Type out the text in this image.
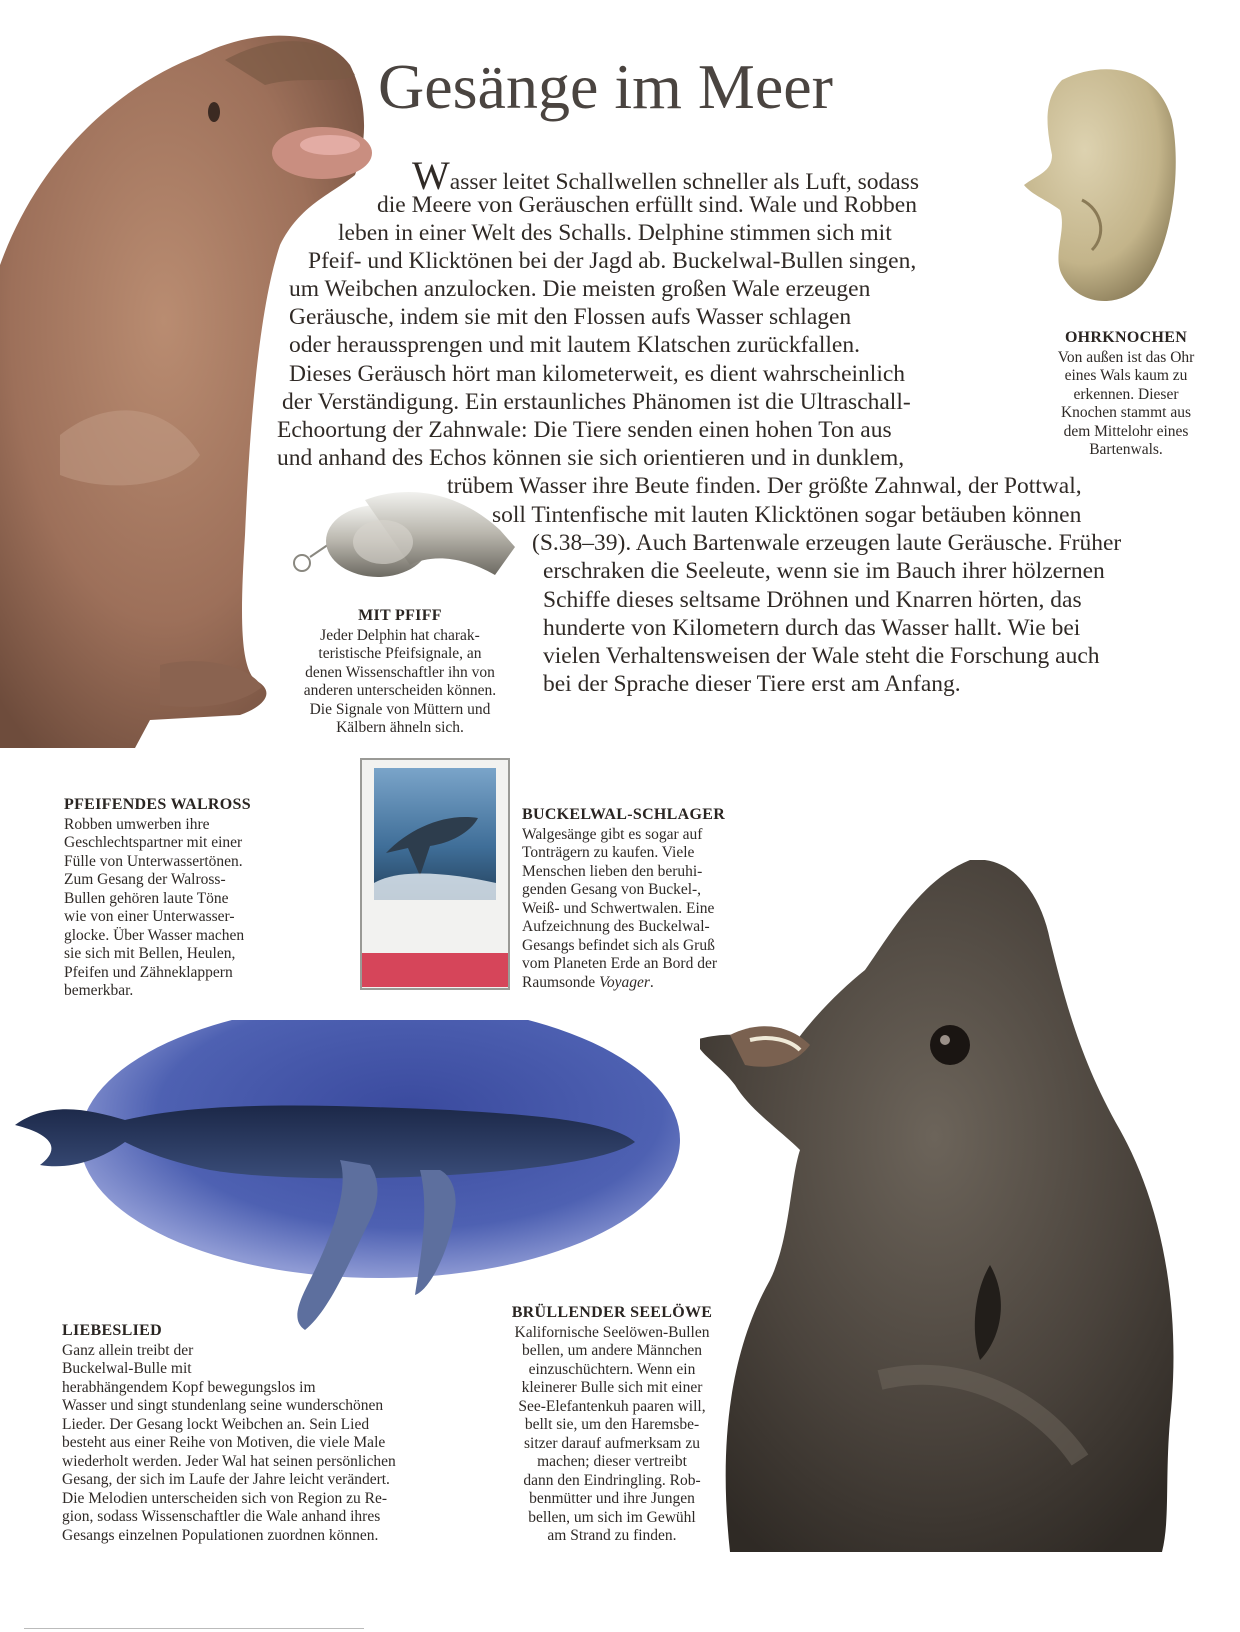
Gesänge im Meer
Wasser leitet Schallwellen schneller als Luft, sodass
die Meere von Geräuschen erfüllt sind. Wale und Robben
leben in einer Welt des Schalls. Delphine stimmen sich mit
Pfeif- und Klicktönen bei der Jagd ab. Buckelwal-Bullen singen,
um Weibchen anzulocken. Die meisten großen Wale erzeugen
Geräusche, indem sie mit den Flossen aufs Wasser schlagen
oder heraussprengen und mit lautem Klatschen zurückfallen.
Dieses Geräusch hört man kilometerweit, es dient wahrscheinlich
der Verständigung. Ein erstaunliches Phänomen ist die Ultraschall-
Echoortung der Zahnwale: Die Tiere senden einen hohen Ton aus
und anhand des Echos können sie sich orientieren und in dunklem,
trübem Wasser ihre Beute finden. Der größte Zahnwal, der Pottwal,
soll Tintenfische mit lauten Klicktönen sogar betäuben können
(S.38–39). Auch Bartenwale erzeugen laute Geräusche. Früher
erschraken die Seeleute, wenn sie im Bauch ihrer hölzernen
Schiffe dieses seltsame Dröhnen und Knarren hörten, das
hunderte von Kilometern durch das Wasser hallt. Wie bei
vielen Verhaltensweisen der Wale steht die Forschung auch
bei der Sprache dieser Tiere erst am Anfang.
OHRKNOCHEN

Von außen ist das Ohr
eines Wals kaum zu
erkennen. Dieser
Knochen stammt aus
dem Mittelohr eines
Bartenwals.

MIT PFIFF

Jeder Delphin hat charak-
teristische Pfeifsignale, an
denen Wissenschaftler ihn von
anderen unterscheiden können.
Die Signale von Müttern und
Kälbern ähneln sich.

PFEIFENDES WALROSS

Robben umwerben ihre
Geschlechtspartner mit einer
Fülle von Unterwassertönen.
Zum Gesang der Walross-
Bullen gehören laute Töne
wie von einer Unterwasser-
glocke. Über Wasser machen
sie sich mit Bellen, Heulen,
Pfeifen und Zähneklappern
bemerkbar.

BUCKELWAL-SCHLAGER

Walgesänge gibt es sogar auf
Tonträgern zu kaufen. Viele
Menschen lieben den beruhi-
genden Gesang von Buckel-,
Weiß- und Schwertwalen. Eine
Aufzeichnung des Buckelwal-
Gesangs befindet sich als Gruß
vom Planeten Erde an Bord der
Raumsonde Voyager.

LIEBESLIED

Ganz allein treibt der
Buckelwal-Bulle mit
herabhängendem Kopf bewegungslos im
Wasser und singt stundenlang seine wunderschönen
Lieder. Der Gesang lockt Weibchen an. Sein Lied
besteht aus einer Reihe von Motiven, die viele Male
wiederholt werden. Jeder Wal hat seinen persönlichen
Gesang, der sich im Laufe der Jahre leicht verändert.
Die Melodien unterscheiden sich von Region zu Re-
gion, sodass Wissenschaftler die Wale anhand ihres
Gesangs einzelnen Populationen zuordnen können.

BRÜLLENDER SEELÖWE

Kalifornische Seelöwen-Bullen
bellen, um andere Männchen
einzuschüchtern. Wenn ein
kleinerer Bulle sich mit einer
See-Elefantenkuh paaren will,
bellt sie, um den Haremsbe-
sitzer darauf aufmerksam zu
machen; dieser vertreibt
dann den Eindringling. Rob-
benmütter und ihre Jungen
bellen, um sich im Gewühl
am Strand zu finden.
